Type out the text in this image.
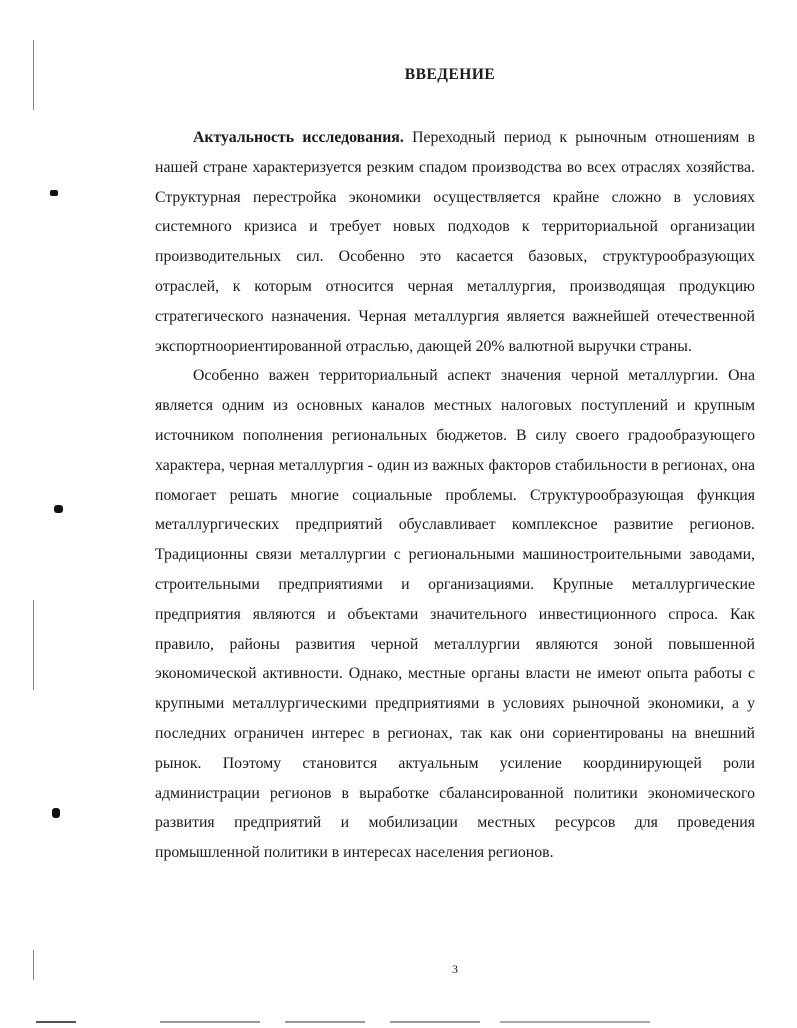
ВВЕДЕНИЕ

Актуальность исследования. Переходный период к рыночным отношениям в нашей стране характеризуется резким спадом производства во всех отраслях хозяйства. Структурная перестройка экономики осуществляется крайне сложно в условиях системного кризиса и требует новых подходов к территориальной организации производительных сил. Особенно это касается базовых, структурообразующих отраслей, к которым относится черная металлургия, производящая продукцию стратегического назначения. Черная металлургия является важнейшей отечественной экспортноориентированной отраслью, дающей 20% валютной выручки страны.

Особенно важен территориальный аспект значения черной металлургии. Она является одним из основных каналов местных налоговых поступлений и крупным источником пополнения региональных бюджетов. В силу своего градообразующего характера, черная металлургия - один из важных факторов стабильности в регионах, она помогает решать многие социальные проблемы. Структурообразующая функция металлургических предприятий обуславливает комплексное развитие регионов. Традиционны связи металлургии с региональными машиностроительными заводами, строительными предприятиями и организациями. Крупные металлургические предприятия являются и объектами значительного инвестиционного спроса. Как правило, районы развития черной металлургии являются зоной повышенной экономической активности. Однако, местные органы власти не имеют опыта работы с крупными металлургическими предприятиями в условиях рыночной экономики, а у последних ограничен интерес в регионах, так как они сориентированы на внешний рынок. Поэтому становится актуальным усиление координирующей роли администрации регионов в выработке сбалансированной политики экономического развития предприятий и мобилизации местных ресурсов для проведения промышленной политики в интересах населения регионов.

3
